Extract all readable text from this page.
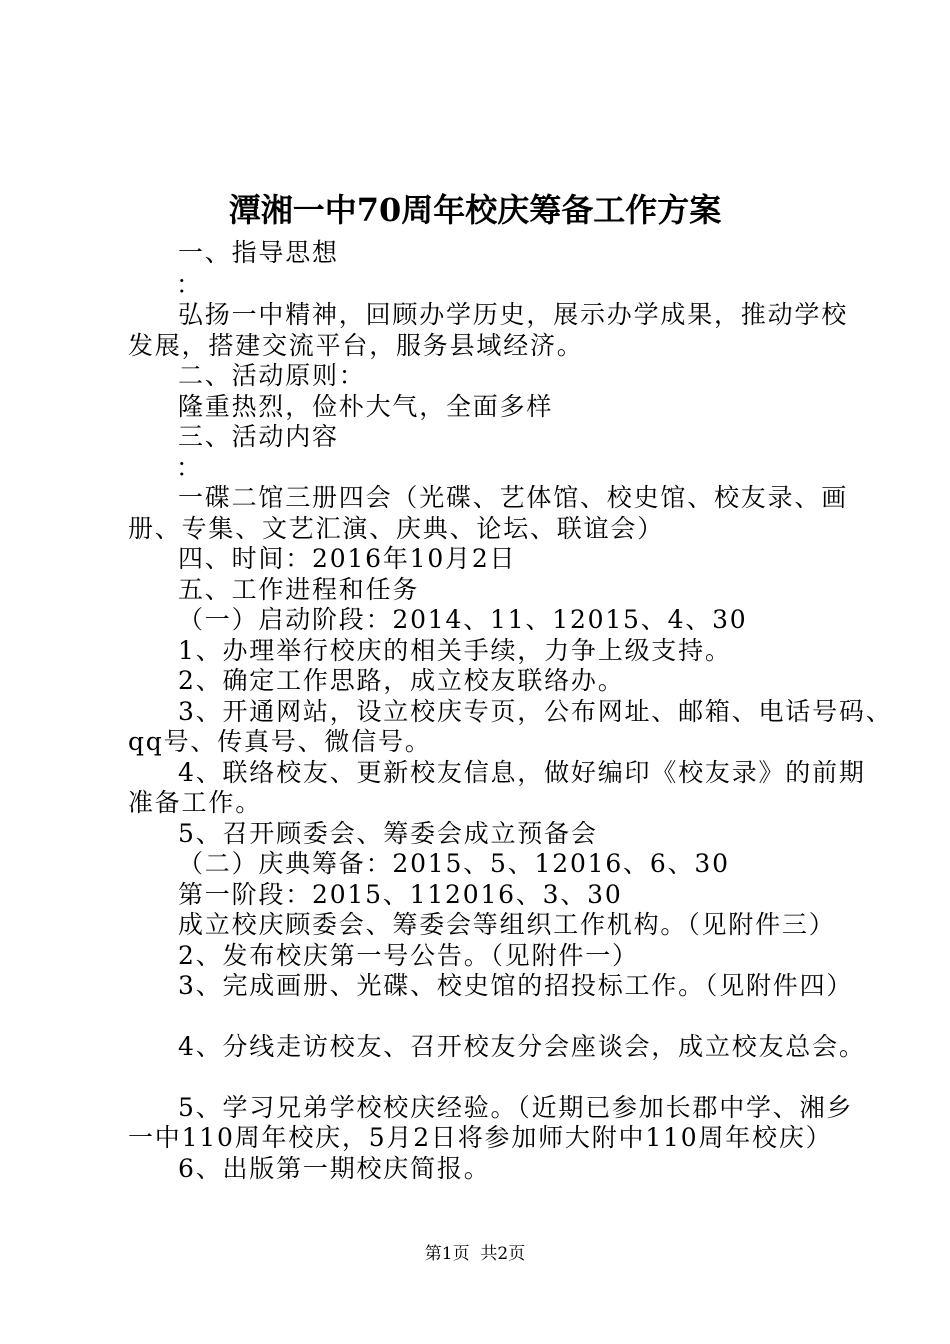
潭湘一中70周年校庆筹备工作方案
一、指导思想
：
弘扬一中精神，回顾办学历史，展示办学成果，推动学校
发展，搭建交流平台，服务县域经济。
二、活动原则：
隆重热烈，俭朴大气，全面多样
三、活动内容
：
一碟二馆三册四会（光碟、艺体馆、校史馆、校友录、画
册、专集、文艺汇演、庆典、论坛、联谊会）
四、时间：2016年10月2日
五、工作进程和任务
（一）启动阶段：2014、11、12015、4、30
1、办理举行校庆的相关手续，力争上级支持。
2、确定工作思路，成立校友联络办。
3、开通网站，设立校庆专页，公布网址、邮箱、电话号码、
qq号、传真号、微信号。
4、联络校友、更新校友信息，做好编印《校友录》的前期
准备工作。
5、召开顾委会、筹委会成立预备会
（二）庆典筹备：2015、5、12016、6、30
第一阶段：2015、112016、3、30
成立校庆顾委会、筹委会等组织工作机构。（见附件三）
2、发布校庆第一号公告。（见附件一）
3、完成画册、光碟、校史馆的招投标工作。（见附件四）
4、分线走访校友、召开校友分会座谈会，成立校友总会。
5、学习兄弟学校校庆经验。（近期已参加长郡中学、湘乡
一中110周年校庆，5月2日将参加师大附中110周年校庆）
6、出版第一期校庆简报。
第1页  共2页
